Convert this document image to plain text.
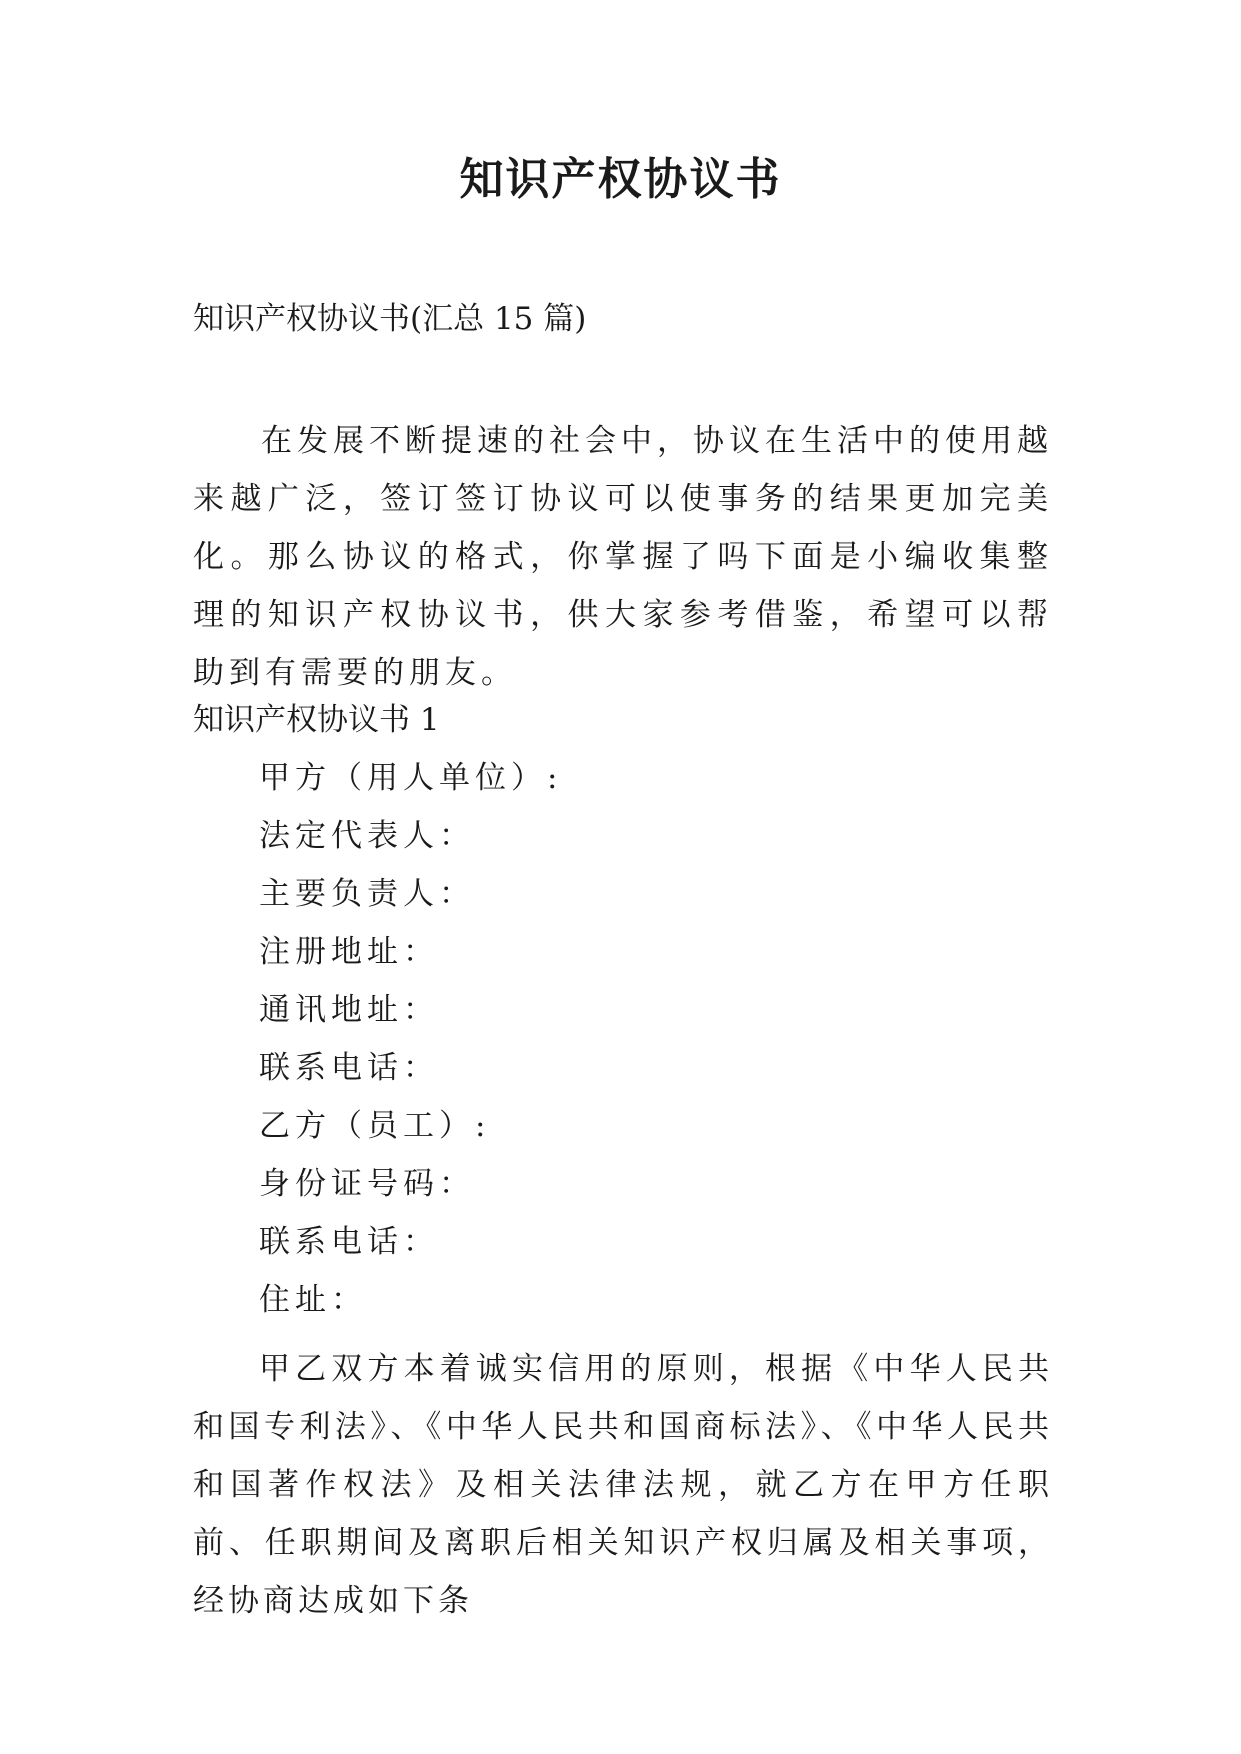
知识产权协议书
知识产权协议书(汇总 15 篇)
在发展不断提速的社会中，协议在生活中的使用越来越广泛，签订签订协议可以使事务的结果更加完美化。那么协议的格式，你掌握了吗下面是小编收集整理的知识产权协议书，供大家参考借鉴，希望可以帮助到有需要的朋友。
知识产权协议书 1
甲方（用人单位）:
法定代表人：
主要负责人：
注册地址：
通讯地址：
联系电话：
乙方（员工）:
身份证号码：
联系电话：
住址：
甲乙双方本着诚实信用的原则，根据《中华人民共和国专利法》、《中华人民共和国商标法》、《中华人民共和国著作权法》及相关法律法规，就乙方在甲方任职前、任职期间及离职后相关知识产权归属及相关事项，经协商达成如下条
